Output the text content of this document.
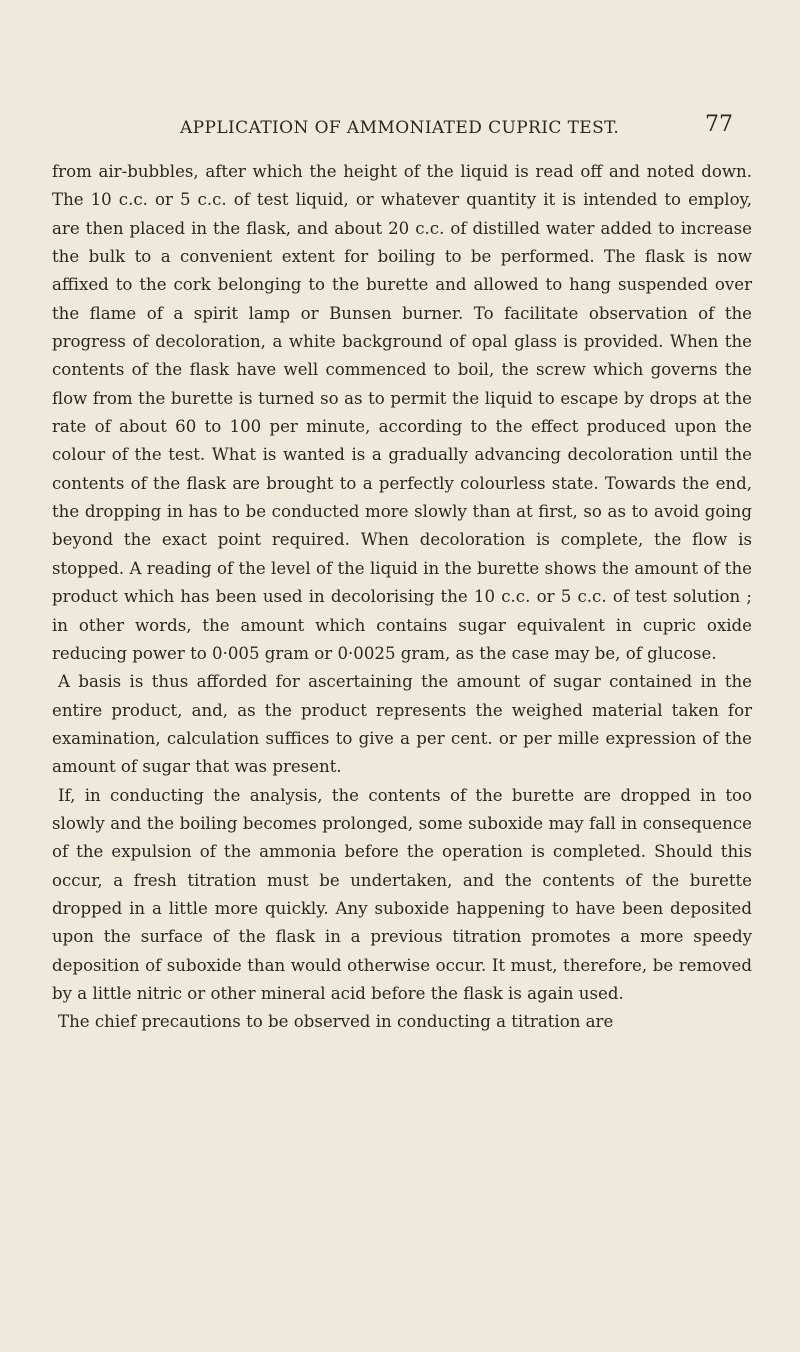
APPLICATION OF AMMONIATED CUPRIC TEST.	77

from air-bubbles, after which the height of the liquid is read off and noted down. The 10 c.c. or 5 c.c. of test liquid, or whatever quantity it is intended to employ, are then placed in the flask, and about 20 c.c. of distilled water added to increase the bulk to a convenient extent for boiling to be performed. The flask is now affixed to the cork belonging to the burette and allowed to hang suspended over the flame of a spirit lamp or Bunsen burner. To facilitate observation of the progress of decoloration, a white background of opal glass is provided. When the contents of the flask have well commenced to boil, the screw which governs the flow from the burette is turned so as to permit the liquid to escape by drops at the rate of about 60 to 100 per minute, according to the effect produced upon the colour of the test. What is wanted is a gradually advancing decoloration until the contents of the flask are brought to a perfectly colourless state. Towards the end, the dropping in has to be conducted more slowly than at first, so as to avoid going beyond the exact point required. When decoloration is complete, the flow is stopped. A reading of the level of the liquid in the burette shows the amount of the product which has been used in decolorising the 10 c.c. or 5 c.c. of test solution ; in other words, the amount which contains sugar equivalent in cupric oxide reducing power to 0·005 gram or 0·0025 gram, as the case may be, of glucose.

A basis is thus afforded for ascertaining the amount of sugar contained in the entire product, and, as the product represents the weighed material taken for examination, calculation suffices to give a per cent. or per mille expression of the amount of sugar that was present.

If, in conducting the analysis, the contents of the burette are dropped in too slowly and the boiling becomes prolonged, some suboxide may fall in consequence of the expulsion of the ammonia before the operation is completed. Should this occur, a fresh titration must be undertaken, and the contents of the burette dropped in a little more quickly. Any suboxide happening to have been deposited upon the surface of the flask in a previous titration promotes a more speedy deposition of suboxide than would otherwise occur. It must, therefore, be removed by a little nitric or other mineral acid before the flask is again used.

The chief precautions to be observed in conducting a titration are
